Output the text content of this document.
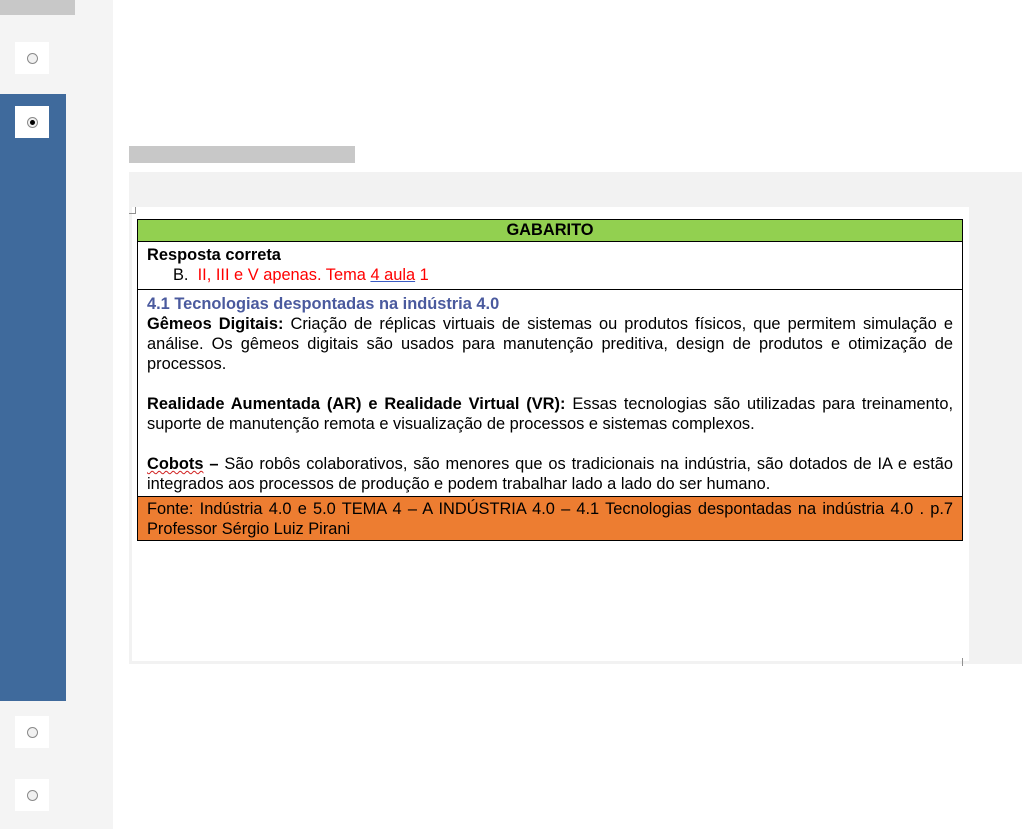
GABARITO
Resposta correta
B. II, III e V apenas. Tema 4 aula 1
4.1 Tecnologias despontadas na indústria 4.0

Gêmeos Digitais: Criação de réplicas virtuais de sistemas ou produtos físicos, que permitem simulação e análise. Os gêmeos digitais são usados para manutenção preditiva, design de produtos e otimização de processos.

Realidade Aumentada (AR) e Realidade Virtual (VR): Essas tecnologias são utilizadas para treinamento, suporte de manutenção remota e visualização de processos e sistemas complexos.

Cobots – São robôs colaborativos, são menores que os tradicionais na indústria, são dotados de IA e estão integrados aos processos de produção e podem trabalhar lado a lado do ser humano.

Fonte: Indústria 4.0 e 5.0 TEMA 4 – A INDÚSTRIA 4.0 – 4.1 Tecnologias despontadas na indústria 4.0 . p.7 Professor Sérgio Luiz Pirani
